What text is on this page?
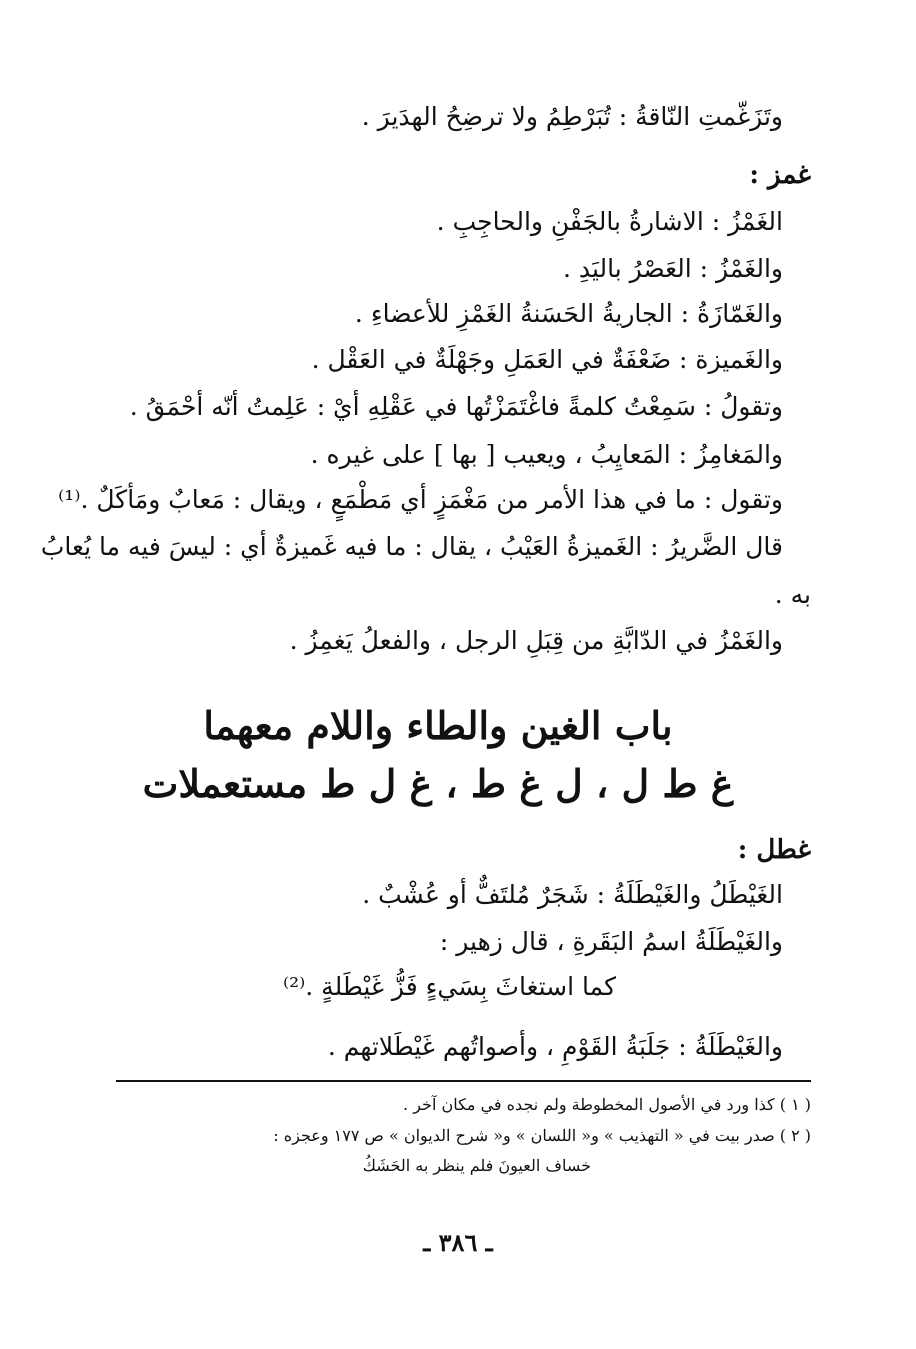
وتَزَغّمتِ النّاقةُ : تُبَرْطِمُ ولا ترضِحُ الهدَيرَ .
غمز :
الغَمْزُ : الاشارةُ بالجَفْنِ والحاجِبِ .
والغَمْزُ : العَصْرُ باليَدِ .
والغَمّازَةُ : الجاريةُ الحَسَنةُ الغَمْزِ للأعضاءِ .
والغَميزة : ضَعْفَةٌ في العَمَلِ وجَهْلَةٌ في العَقْل .
وتقولُ : سَمِعْتُ كلمةً فاغْتَمَزْتُها في عَقْلِهِ أيْ : عَلِمتُ أنّه أحْمَقُ .
والمَغامِزُ : المَعايِبُ ، ويعيب [ بها ] على غيره .
وتقول : ما في هذا الأمر من مَغْمَزٍ أي مَطْمَعٍ ، ويقال : مَعابٌ ومَأكَلٌ .⁽¹⁾
قال الضَّريرُ : الغَميزةُ العَيْبُ ، يقال : ما فيه غَميزةٌ أي : ليسَ فيه ما يُعابُ
به .
والغَمْزُ في الدّابَّةِ من قِبَلِ الرجل ، والفعلُ يَغمِزُ .
باب الغين والطاء واللام معهما
غ ط ل ، ل غ ط ، غ ل ط مستعملات
غطل :
الغَيْطَلُ والغَيْطَلَةُ : شَجَرٌ مُلتَفٌّ أو عُشْبٌ .
والغَيْطَلَةُ اسمُ البَقَرةِ ، قال زهير :
كما استغاثَ بِسَيءٍ فَزُّ غَيْطَلةٍ .⁽²⁾
والغَيْطَلَةُ : جَلَبَةُ القَوْمِ ، وأصواتُهم غَيْطَلاتهم .
( ١ ) كذا ورد في الأصول المخطوطة ولم نجده في مكان آخر .
( ٢ ) صدر بيت في « التهذيب » و« اللسان » و« شرح الديوان » ص ١٧٧ وعجزه :
خساف العيونَ فلم ينظر به الحَشَكُ
ـ ٣٨٦ ـ
